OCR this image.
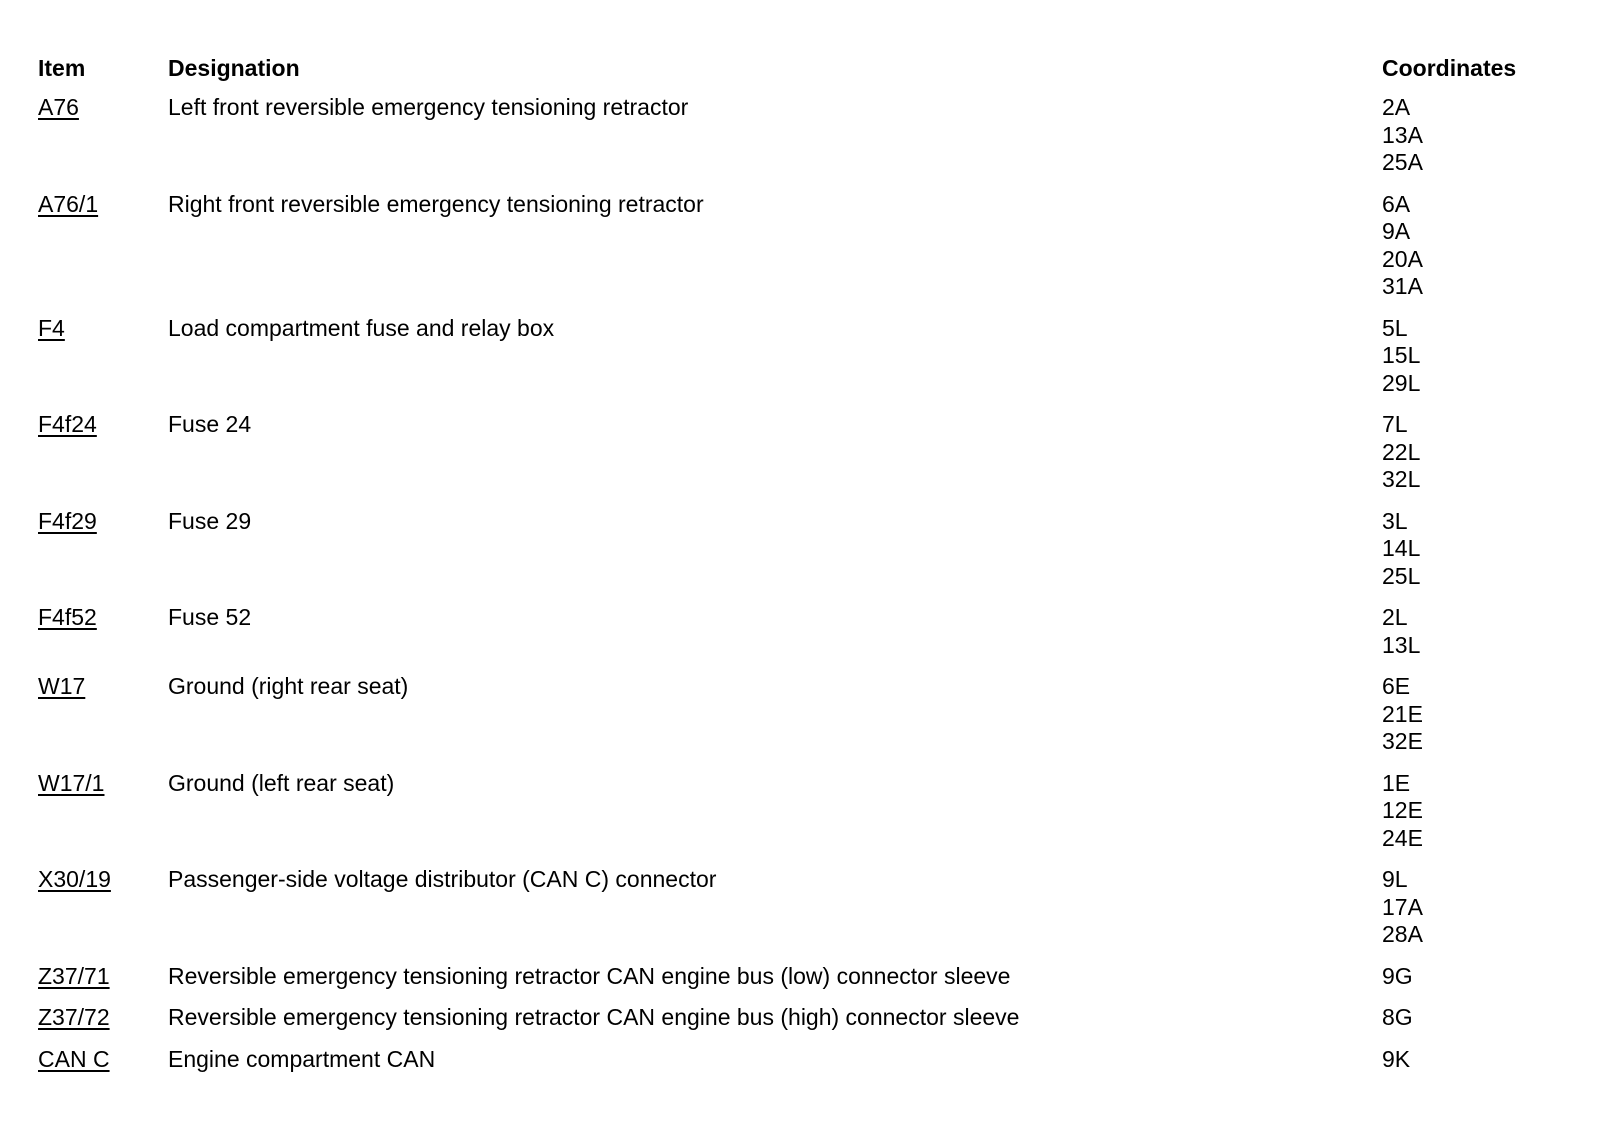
Item	Designation	Coordinates
A76	Left front reversible emergency tensioning retractor	2A
13A
25A
A76/1	Right front reversible emergency tensioning retractor	6A
9A
20A
31A
F4	Load compartment fuse and relay box	5L
15L
29L
F4f24	Fuse 24	7L
22L
32L
F4f29	Fuse 29	3L
14L
25L
F4f52	Fuse 52	2L
13L
W17	Ground (right rear seat)	6E
21E
32E
W17/1	Ground (left rear seat)	1E
12E
24E
X30/19	Passenger-side voltage distributor (CAN C) connector	9L
17A
28A
Z37/71	Reversible emergency tensioning retractor CAN engine bus (low) connector sleeve	9G
Z37/72	Reversible emergency tensioning retractor CAN engine bus (high) connector sleeve	8G
CAN C	Engine compartment CAN	9K
